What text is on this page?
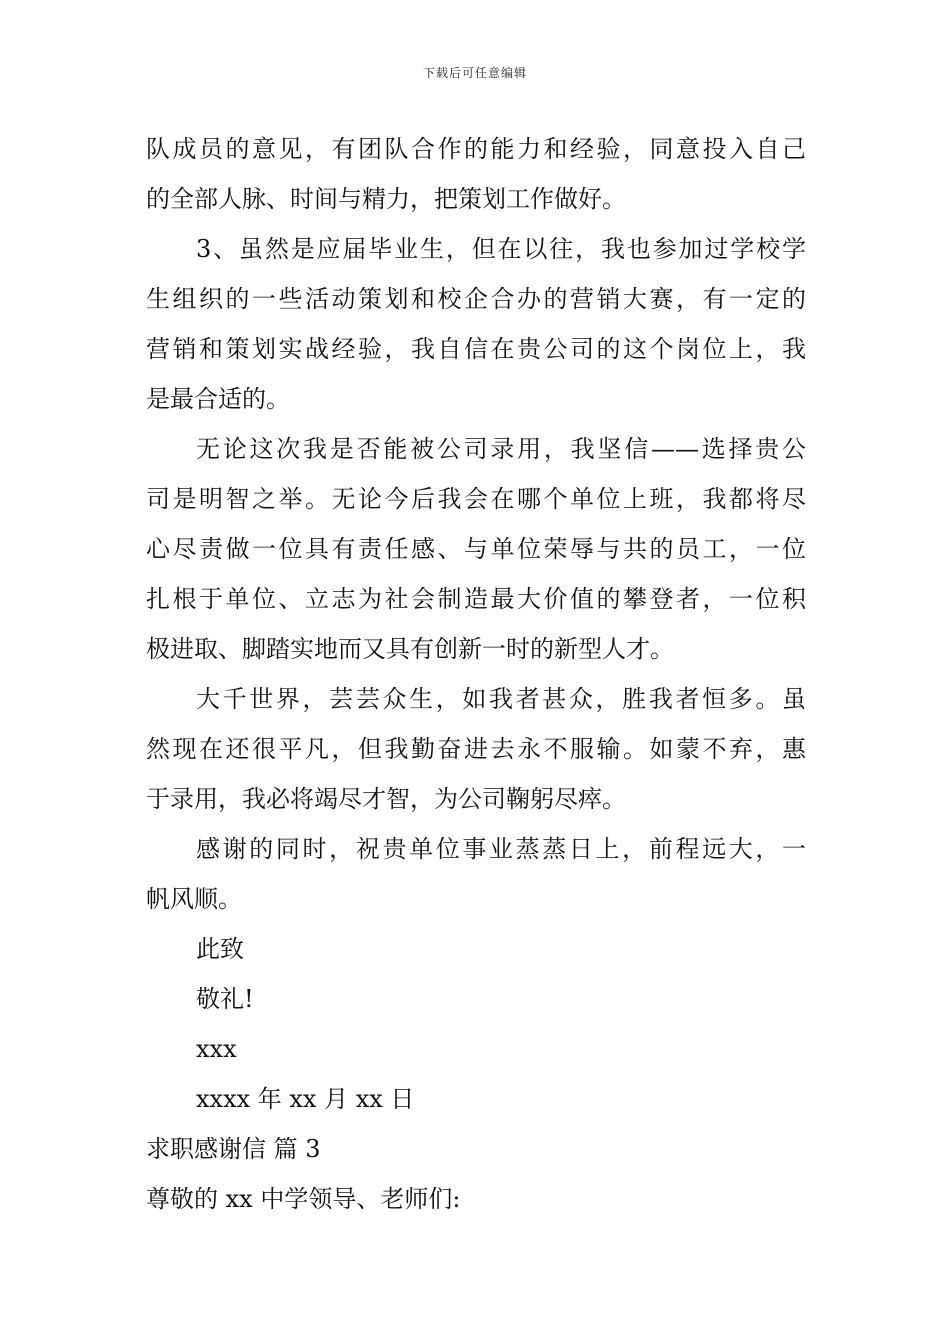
下载后可任意编辑
队成员的意见，有团队合作的能力和经验，同意投入自己
的全部人脉、时间与精力，把策划工作做好。
3、虽然是应届毕业生，但在以往，我也参加过学校学
生组织的一些活动策划和校企合办的营销大赛，有一定的
营销和策划实战经验，我自信在贵公司的这个岗位上，我
是最合适的。
无论这次我是否能被公司录用，我坚信——选择贵公
司是明智之举。无论今后我会在哪个单位上班，我都将尽
心尽责做一位具有责任感、与单位荣辱与共的员工，一位
扎根于单位、立志为社会制造最大价值的攀登者，一位积
极进取、脚踏实地而又具有创新一时的新型人才。
大千世界，芸芸众生，如我者甚众，胜我者恒多。虽
然现在还很平凡，但我勤奋进去永不服输。如蒙不弃，惠
于录用，我必将竭尽才智，为公司鞠躬尽瘁。
感谢的同时，祝贵单位事业蒸蒸日上，前程远大，一
帆风顺。
此致
敬礼!
xxx
xxxx 年 xx 月 xx 日
求职感谢信 篇 3
尊敬的 xx 中学领导、老师们:
